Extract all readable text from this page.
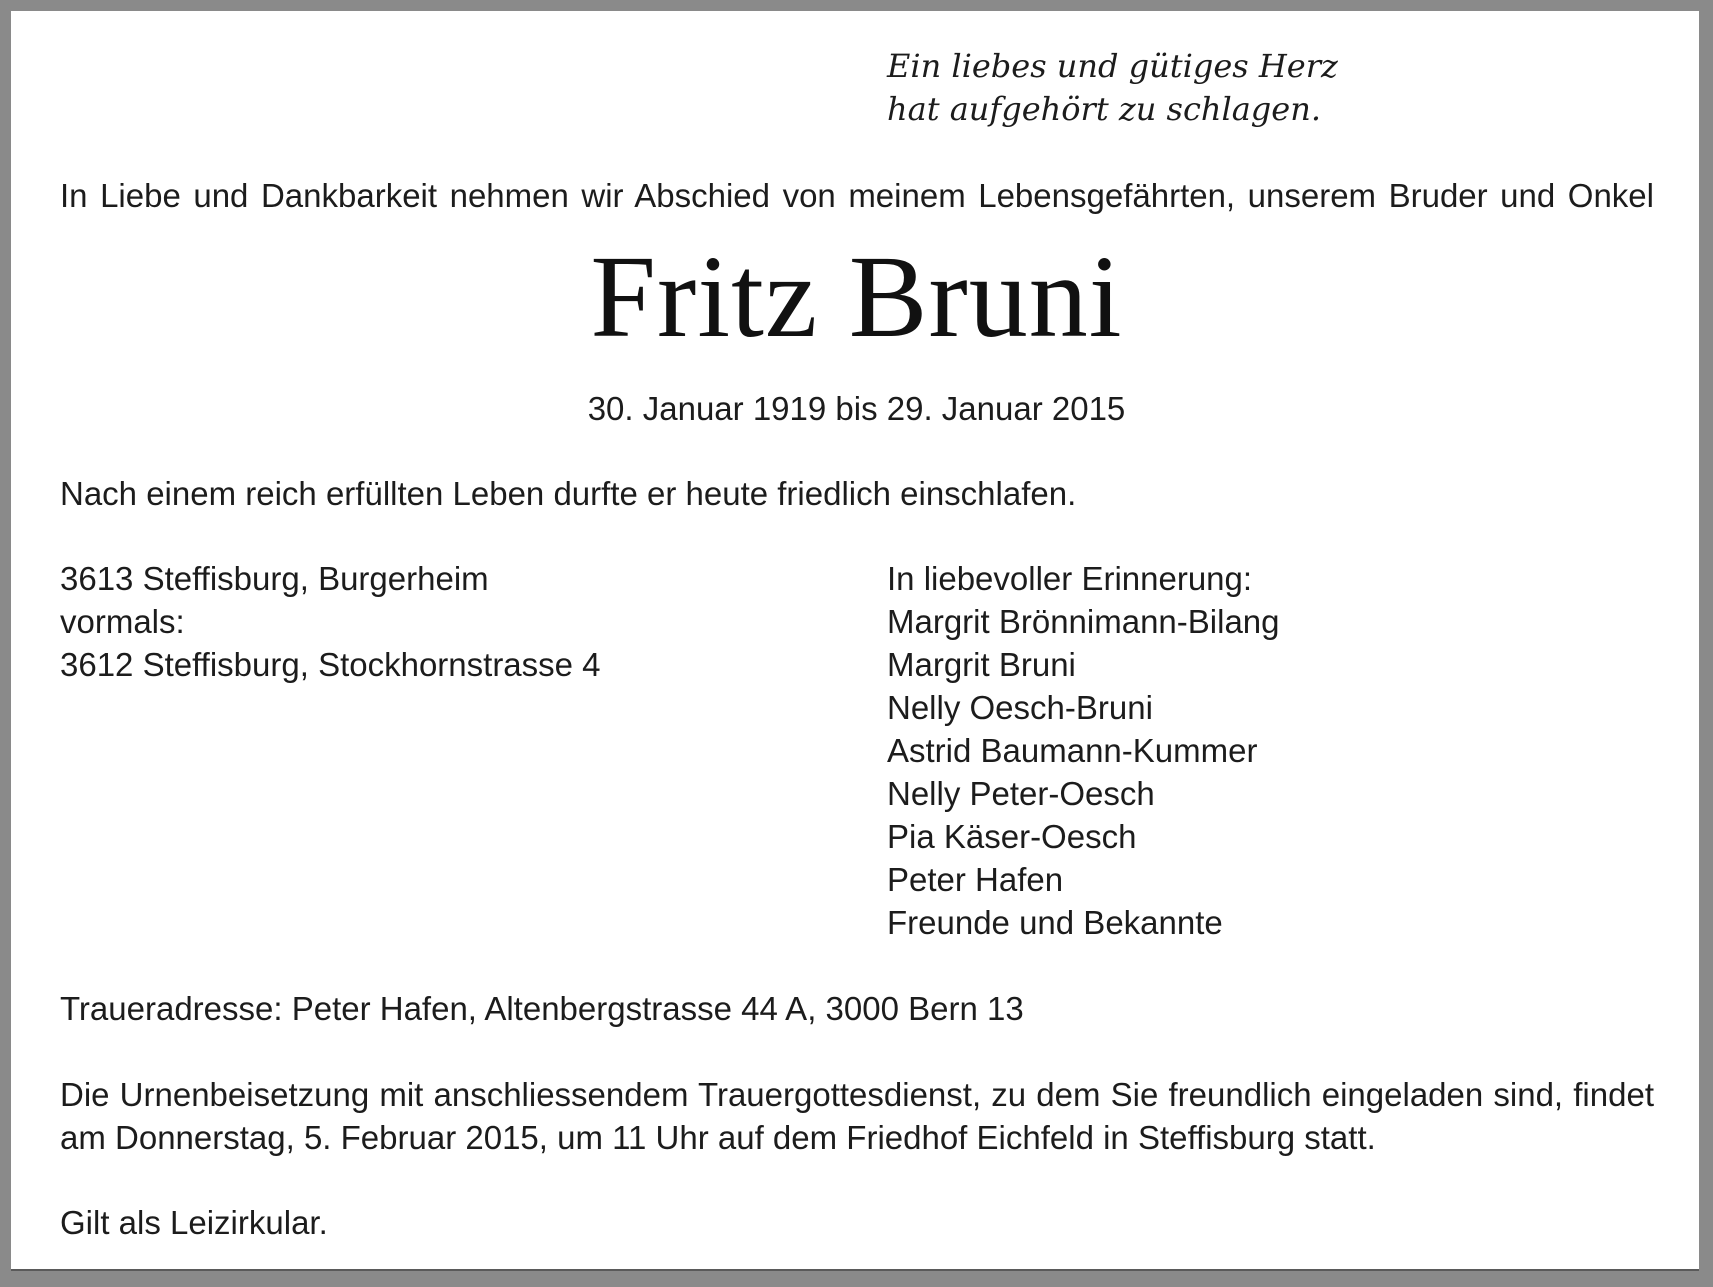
Ein liebes und gütiges Herz
hat aufgehört zu schlagen.

In Liebe und Dankbarkeit nehmen wir Abschied von meinem Lebensgefährten, unserem Bruder und Onkel

Fritz Bruni

30. Januar 1919 bis 29. Januar 2015

Nach einem reich erfüllten Leben durfte er heute friedlich einschlafen.

3613 Steffisburg, Burgerheim
vormals:
3612 Steffisburg, Stockhornstrasse 4
In liebevoller Erinnerung:
Margrit Brönnimann-Bilang
Margrit Bruni
Nelly Oesch-Bruni
Astrid Baumann-Kummer
Nelly Peter-Oesch
Pia Käser-Oesch
Peter Hafen
Freunde und Bekannte

Traueradresse: Peter Hafen, Altenbergstrasse 44 A, 3000 Bern 13

Die Urnenbeisetzung mit anschliessendem Trauergottesdienst, zu dem Sie freundlich eingeladen sind, findet
am Donnerstag, 5. Februar 2015, um 11 Uhr auf dem Friedhof Eichfeld in Steffisburg statt.

Gilt als Leizirkular.
